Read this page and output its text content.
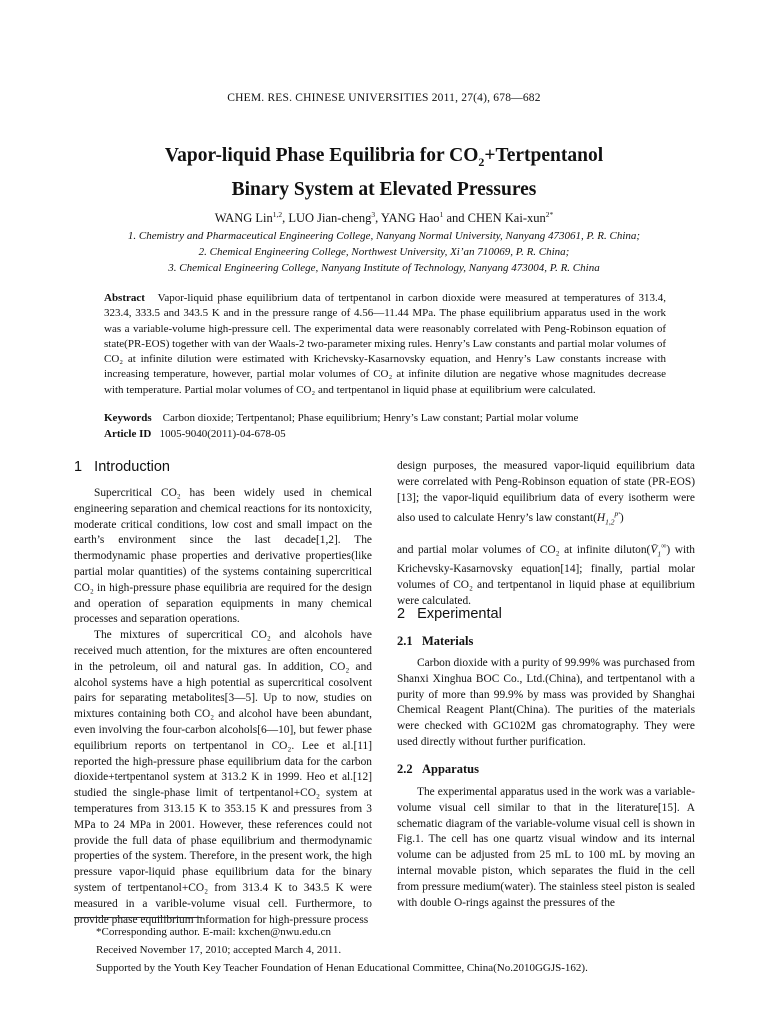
CHEM. RES. CHINESE UNIVERSITIES 2011, 27(4), 678—682
Vapor-liquid Phase Equilibria for $CO_2+Tertpentanol$
Binary System at Elevated Pressures
WANG Lin$^{1,2}$, LUO Jian-cheng$^3$, YANG Hao$^1$ and CHEN Kai-xun$^{2*}$
1. Chemistry and Pharmaceutical Engineering College, Nanyang Normal University, Nanyang 473061, P. R. China;
2. Chemical Engineering College, Northwest University, Xi’an 710069, P. R. China;
3. Chemical Engineering College, Nanyang Institute of Technology, Nanyang 473004, P. R. China
Abstract Vapor-liquid phase equilibrium data of tertpentanol in carbon dioxide were measured at temperatures of 313.4, 323.4, 333.5 and 343.5 K and in the pressure range of 4.56—11.44 MPa. The phase equilibrium apparatus used in the work was a variable-volume high-pressure cell. The experimental data were reasonably correlated with Peng-Robinson equation of state(PR-EOS) together with van der Waals-2 two-parameter mixing rules. Henry’s Law constants and partial molar volumes of CO₂ at infinite dilution were estimated with Krichevsky-Kasarnovsky equation, and Henry’s Law constants increase with increasing temperature, however, partial molar volumes of CO₂ at infinite dilution are negative whose magnitudes decrease with temperature. Partial molar volumes of CO₂ and tertpentanol in liquid phase at equilibrium were calculated.
Keywords Carbon dioxide; Tertpentanol; Phase equilibrium; Henry’s Law constant; Partial molar volume
Article ID 1005-9040(2011)-04-678-05
1 Introduction

Supercritical CO₂ has been widely used in chemical engineering separation and chemical reactions for its nontoxicity, moderate critical conditions, low cost and small impact on the earth’s environment since the last decade[1,2]. The thermodynamic phase properties and derivative properties(like partial molar quantities) of the systems containing supercritical CO₂ in high-pressure phase equilibria are required for the design and operation of separation equipments in many chemical processes and separation operations.

The mixtures of supercritical CO₂ and alcohols have received much attention, for the mixtures are often encountered in the petroleum, oil and natural gas. In addition, CO₂ and alcohol systems have a high potential as supercritical cosolvent pairs for separating metabolites[3—5]. Up to now, studies on mixtures containing both CO₂ and alcohol have been abundant, even involving the four-carbon alcohols[6—10], but fewer phase equilibrium reports on tertpentanol in CO₂. Lee et al.[11] reported the high-pressure phase equilibrium data for the carbon dioxide+tertpentanol system at 313.2 K in 1999. Heo et al.[12] studied the single-phase limit of tertpentanol+CO₂ system at temperatures from 313.15 K to 353.15 K and pressures from 3 MPa to 24 MPa in 2001. However, these references could not provide the full data of phase equilibrium and thermodynamic properties of the system. Therefore, in the present work, the high pressure vapor-liquid phase equilibrium data for the binary system of tertpentanol+CO₂ from 313.4 K to 343.5 K were measured in a varible-volume visual cell. Furthermore, to provide phase equilibrium information for high-pressure process

design purposes, the measured vapor-liquid equilibrium data were correlated with Peng-Robinson equation of state (PR-EOS)[13]; the vapor-liquid equilibrium data of every isotherm were also used to calculate Henry’s law $constant(H_{1,2}^{pˢ})$

and partial molar volumes of CO₂ at infinite $diluton(V̄_1^\infty)$ with Krichevsky-Kasarnovsky equation[14]; finally, partial molar volumes of CO₂ and tertpentanol in liquid phase at equilibrium were calculated.

2 Experimental
2.1 Materials

Carbon dioxide with a purity of 99.99% was purchased from Shanxi Xinghua BOC Co., Ltd.(China), and tertpentanol with a purity of more than 99.9% by mass was provided by Shanghai Chemical Reagent Plant(China). The purities of the materials were checked with GC102M gas chromatography. They were used directly without further purification.

2.2 Apparatus

The experimental apparatus used in the work was a variable-volume visual cell similar to that in the literature[15]. A schematic diagram of the variable-volume visual cell is shown in Fig.1. The cell has one quartz visual window and its internal volume can be adjusted from 25 mL to 100 mL by moving an internal movable piston, which separates the fluid in the cell from pressure medium(water). The stainless steel piston is sealed with double O-rings against the pressures of the

*Corresponding author. E-mail: kxchen@nwu.edu.cn
Received November 17, 2010; accepted March 4, 2011.
Supported by the Youth Key Teacher Foundation of Henan Educational Committee, China(No.2010GGJS-162).
